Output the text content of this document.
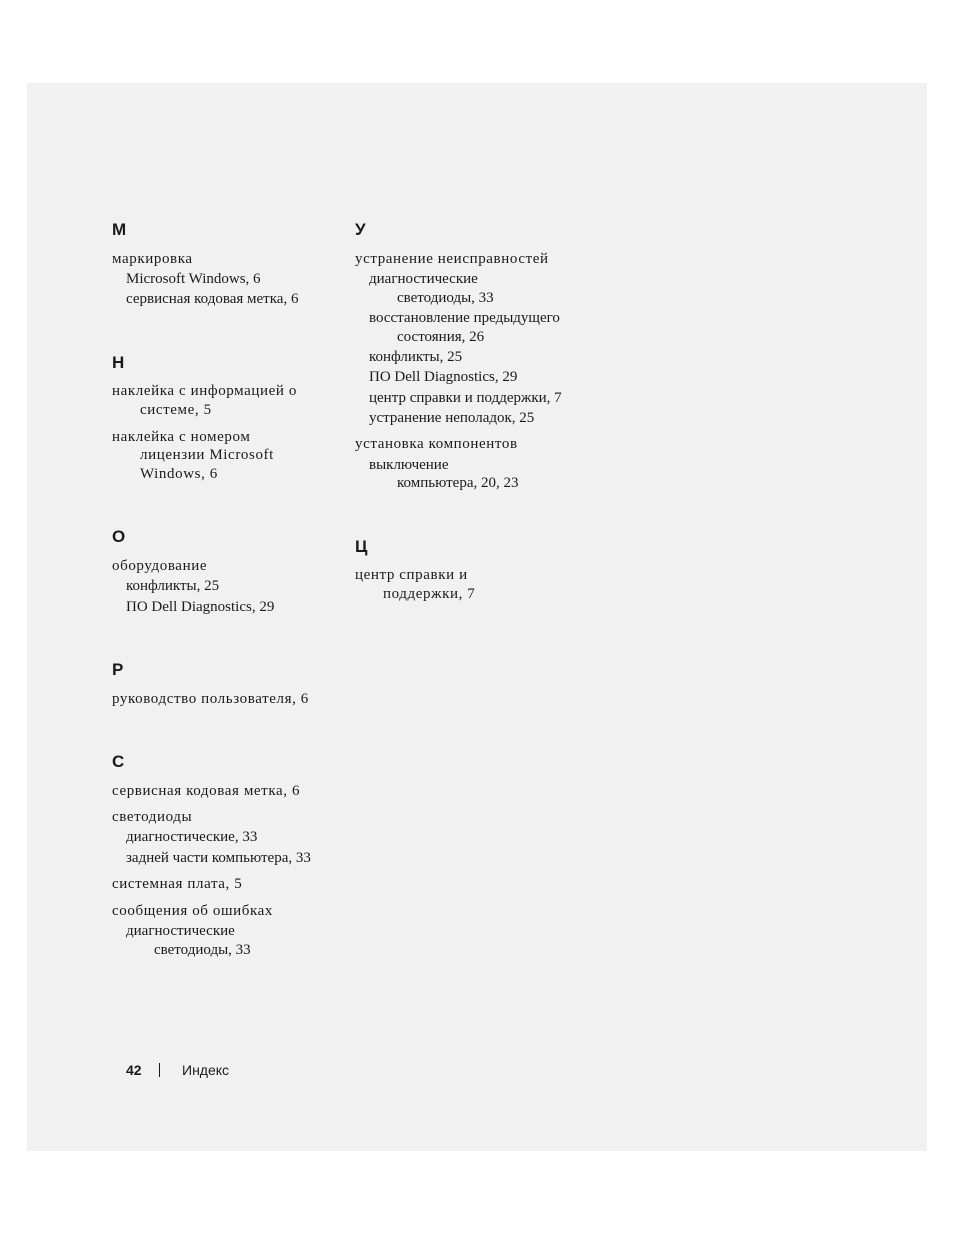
М
маркировка
Microsoft Windows, 6
сервисная кодовая метка, 6
Н
наклейка с информацией о
системе, 5
наклейка с номером
лицензии Microsoft
Windows, 6
О
оборудование
конфликты, 25
ПО Dell Diagnostics, 29
Р
руководство пользователя, 6
С
сервисная кодовая метка, 6
светодиоды
диагностические, 33
задней части компьютера, 33
системная плата, 5
сообщения об ошибках
диагностические
светодиоды, 33
У
устранение неисправностей
диагностические
светодиоды, 33
восстановление предыдущего
состояния, 26
конфликты, 25
ПО Dell Diagnostics, 29
центр справки и поддержки, 7
устранение неполадок, 25
установка компонентов
выключение
компьютера, 20, 23
Ц
центр справки и
поддержки, 7
42	Индекс
